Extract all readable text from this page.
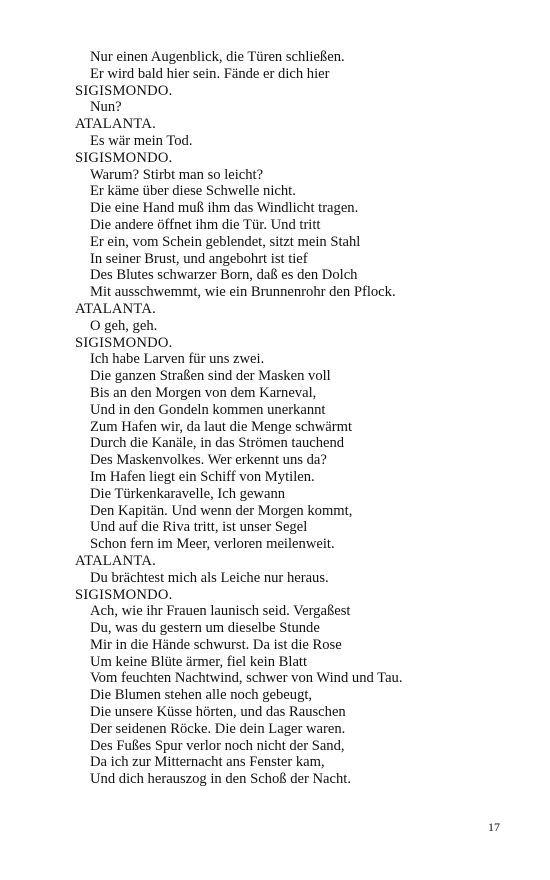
Nur einen Augenblick, die Türen schließen.
Er wird bald hier sein. Fände er dich hier
SIGISMONDO.
Nun?
ATALANTA.
Es wär mein Tod.
SIGISMONDO.
Warum? Stirbt man so leicht?
Er käme über diese Schwelle nicht.
Die eine Hand muß ihm das Windlicht tragen.
Die andere öffnet ihm die Tür. Und tritt
Er ein, vom Schein geblendet, sitzt mein Stahl
In seiner Brust, und angebohrt ist tief
Des Blutes schwarzer Born, daß es den Dolch
Mit ausschwemmt, wie ein Brunnenrohr den Pflock.
ATALANTA.
O geh, geh.
SIGISMONDO.
Ich habe Larven für uns zwei.
Die ganzen Straßen sind der Masken voll
Bis an den Morgen von dem Karneval,
Und in den Gondeln kommen unerkannt
Zum Hafen wir, da laut die Menge schwärmt
Durch die Kanäle, in das Strömen tauchend
Des Maskenvolkes. Wer erkennt uns da?
Im Hafen liegt ein Schiff von Mytilen.
Die Türkenkaravelle, Ich gewann
Den Kapitän. Und wenn der Morgen kommt,
Und auf die Riva tritt, ist unser Segel
Schon fern im Meer, verloren meilenweit.
ATALANTA.
Du brächtest mich als Leiche nur heraus.
SIGISMONDO.
Ach, wie ihr Frauen launisch seid. Vergaßest
Du, was du gestern um dieselbe Stunde
Mir in die Hände schwurst. Da ist die Rose
Um keine Blüte ärmer, fiel kein Blatt
Vom feuchten Nachtwind, schwer von Wind und Tau.
Die Blumen stehen alle noch gebeugt,
Die unsere Küsse hörten, und das Rauschen
Der seidenen Röcke. Die dein Lager waren.
Des Fußes Spur verlor noch nicht der Sand,
Da ich zur Mitternacht ans Fenster kam,
Und dich herauszog in den Schoß der Nacht.
17
